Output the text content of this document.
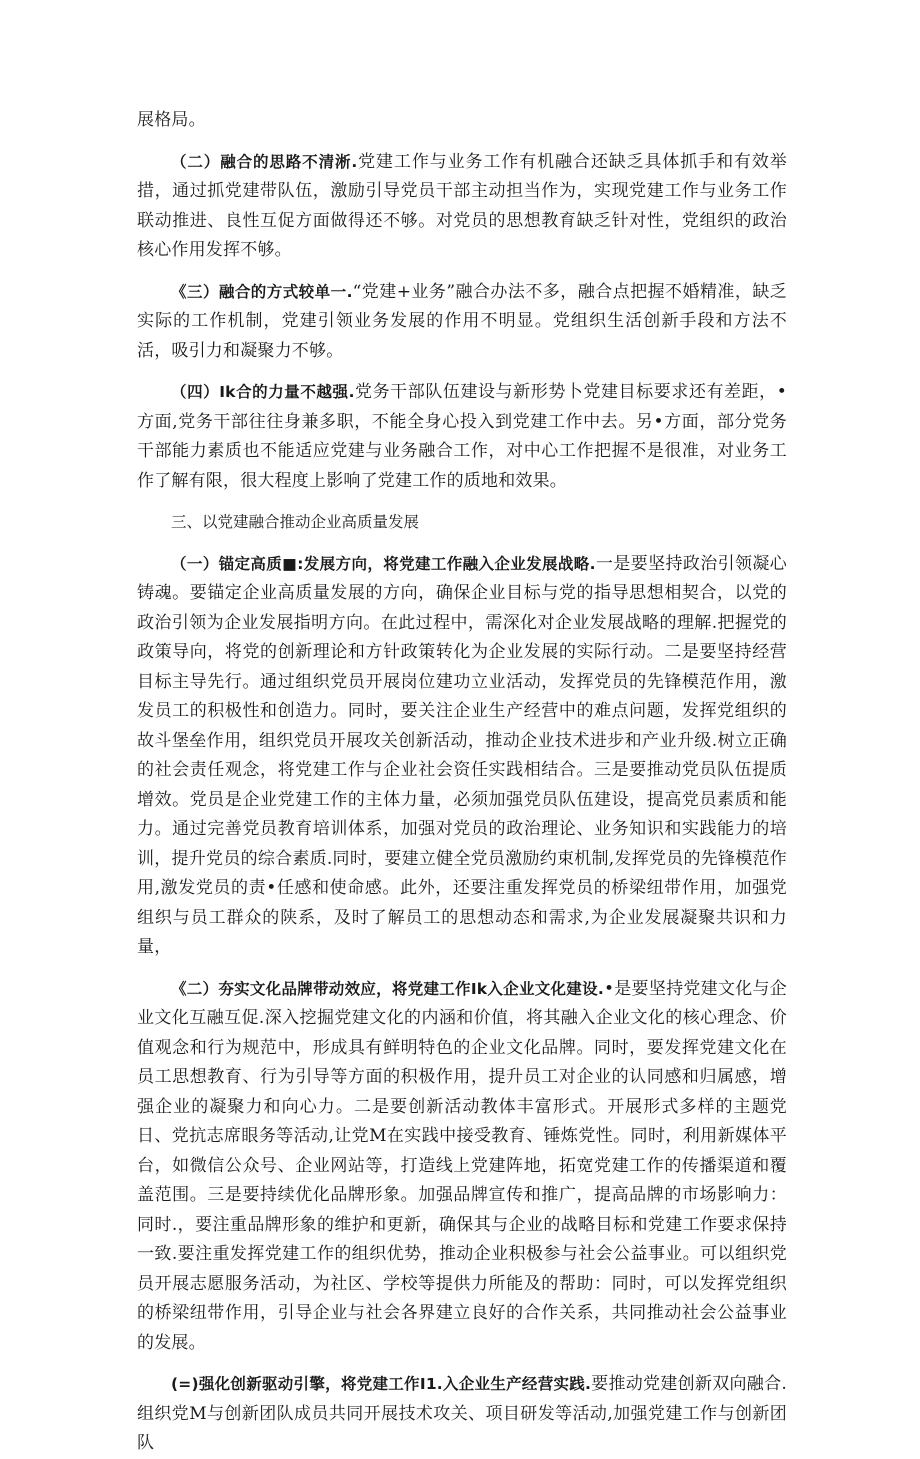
展格局。

（二）融合的思路不清淅.党建工作与业务工作有机融合还缺乏具体抓手和有效举措，通过抓党建带队伍，激励引导党员干部主动担当作为，实现党建工作与业务工作联动推进、良性互促方面做得还不够。对党员的思想教育缺乏针对性，党组织的政治核心作用发挥不够。

《三）融合的方式较单一.“党建+业务”融合办法不多，融合点把握不婚精准，缺乏实际的工作机制，党建引领业务发展的作用不明显。党组织生活创新手段和方法不活，吸引力和凝聚力不够。

（四）Ik合的力量不越强.党务干部队伍建设与新形势卜党建目标要求还有差距，•方面,党务干部往往身兼多职，不能全身心投入到党建工作中去。另•方面，部分党务干部能力素质也不能适应党建与业务融合工作，对中心工作把握不是很准，对业务工作了解有限，很大程度上影响了党建工作的质地和效果。

三、以党建融合推动企业高质量发展

（一）锚定高质■:发展方向，将党建工作融入企业发展战略.一是要坚持政治引领凝心铸魂。要锚定企业高质量发展的方向，确保企业目标与党的指导思想相契合，以党的政治引领为企业发展指明方向。在此过程中，需深化对企业发展战略的理解.把握党的政策导向，将党的创新理论和方针政策转化为企业发展的实际行动。二是要坚持经营目标主导先行。通过组织党员开展岗位建功立业活动，发挥党员的先锋模范作用，激发员工的积极性和创造力。同时，要关注企业生产经营中的难点问题，发挥党组织的故斗堡垒作用，组织党员开展攻关创新活动，推动企业技术进步和产业升级.树立正确的社会责任观念，将党建工作与企业社会资任实践相结合。三是要推动党员队伍提质增效。党员是企业党建工作的主体力量，必须加强党员队伍建设，提高党员素质和能力。通过完善党员教育培训体系，加强对党员的政治理论、业务知识和实践能力的培训，提升党员的综合素质.同时，要建立健全党员激励约束机制,发挥党员的先锋模范作用,激发党员的责•任感和使命感。此外，还要注重发挥党员的桥梁纽带作用，加强党组织与员工群众的陕系，及时了解员工的思想动态和需求,为企业发展凝聚共识和力量，

《二）夯实文化品牌带动效应，将党建工作Ik入企业文化建设.•是要坚持党建文化与企业文化互融互促.深入挖掘党建文化的内涵和价值，将其融入企业文化的核心理念、价值观念和行为规范中，形成具有鲜明特色的企业文化品牌。同时，要发挥党建文化在员工思想教育、行为引导等方面的积极作用，提升员工对企业的认同感和归属感，增强企业的凝聚力和向心力。二是要创新活动教体丰富形式。开展形式多样的主题党日、党抗志席眼务等活动,让党M在实践中接受教育、锤炼党性。同时，利用新媒体平台，如微信公众号、企业网站等，打造线上党建阵地，拓宽党建工作的传播渠道和覆盖范围。三是要持续优化品牌形象。加强品牌宣传和推广，提高品牌的市场影响力：同时.，要注重品牌形象的维护和更新，确保其与企业的战略目标和党建工作要求保持一致.要注重发挥党建工作的组织优势，推动企业积极参与社会公益事业。可以组织党员开展志愿服务活动，为社区、学校等提供力所能及的帮助：同时，可以发挥党组织的桥梁纽带作用，引导企业与社会各界建立良好的合作关系，共同推动社会公益事业的发展。

(=)强化创新驱动引擎，将党建工作I1.入企业生产经营实践.要推动党建创新双向融合.组织党M与创新团队成员共同开展技术攻关、项目研发等活动,加强党建工作与创新团队
